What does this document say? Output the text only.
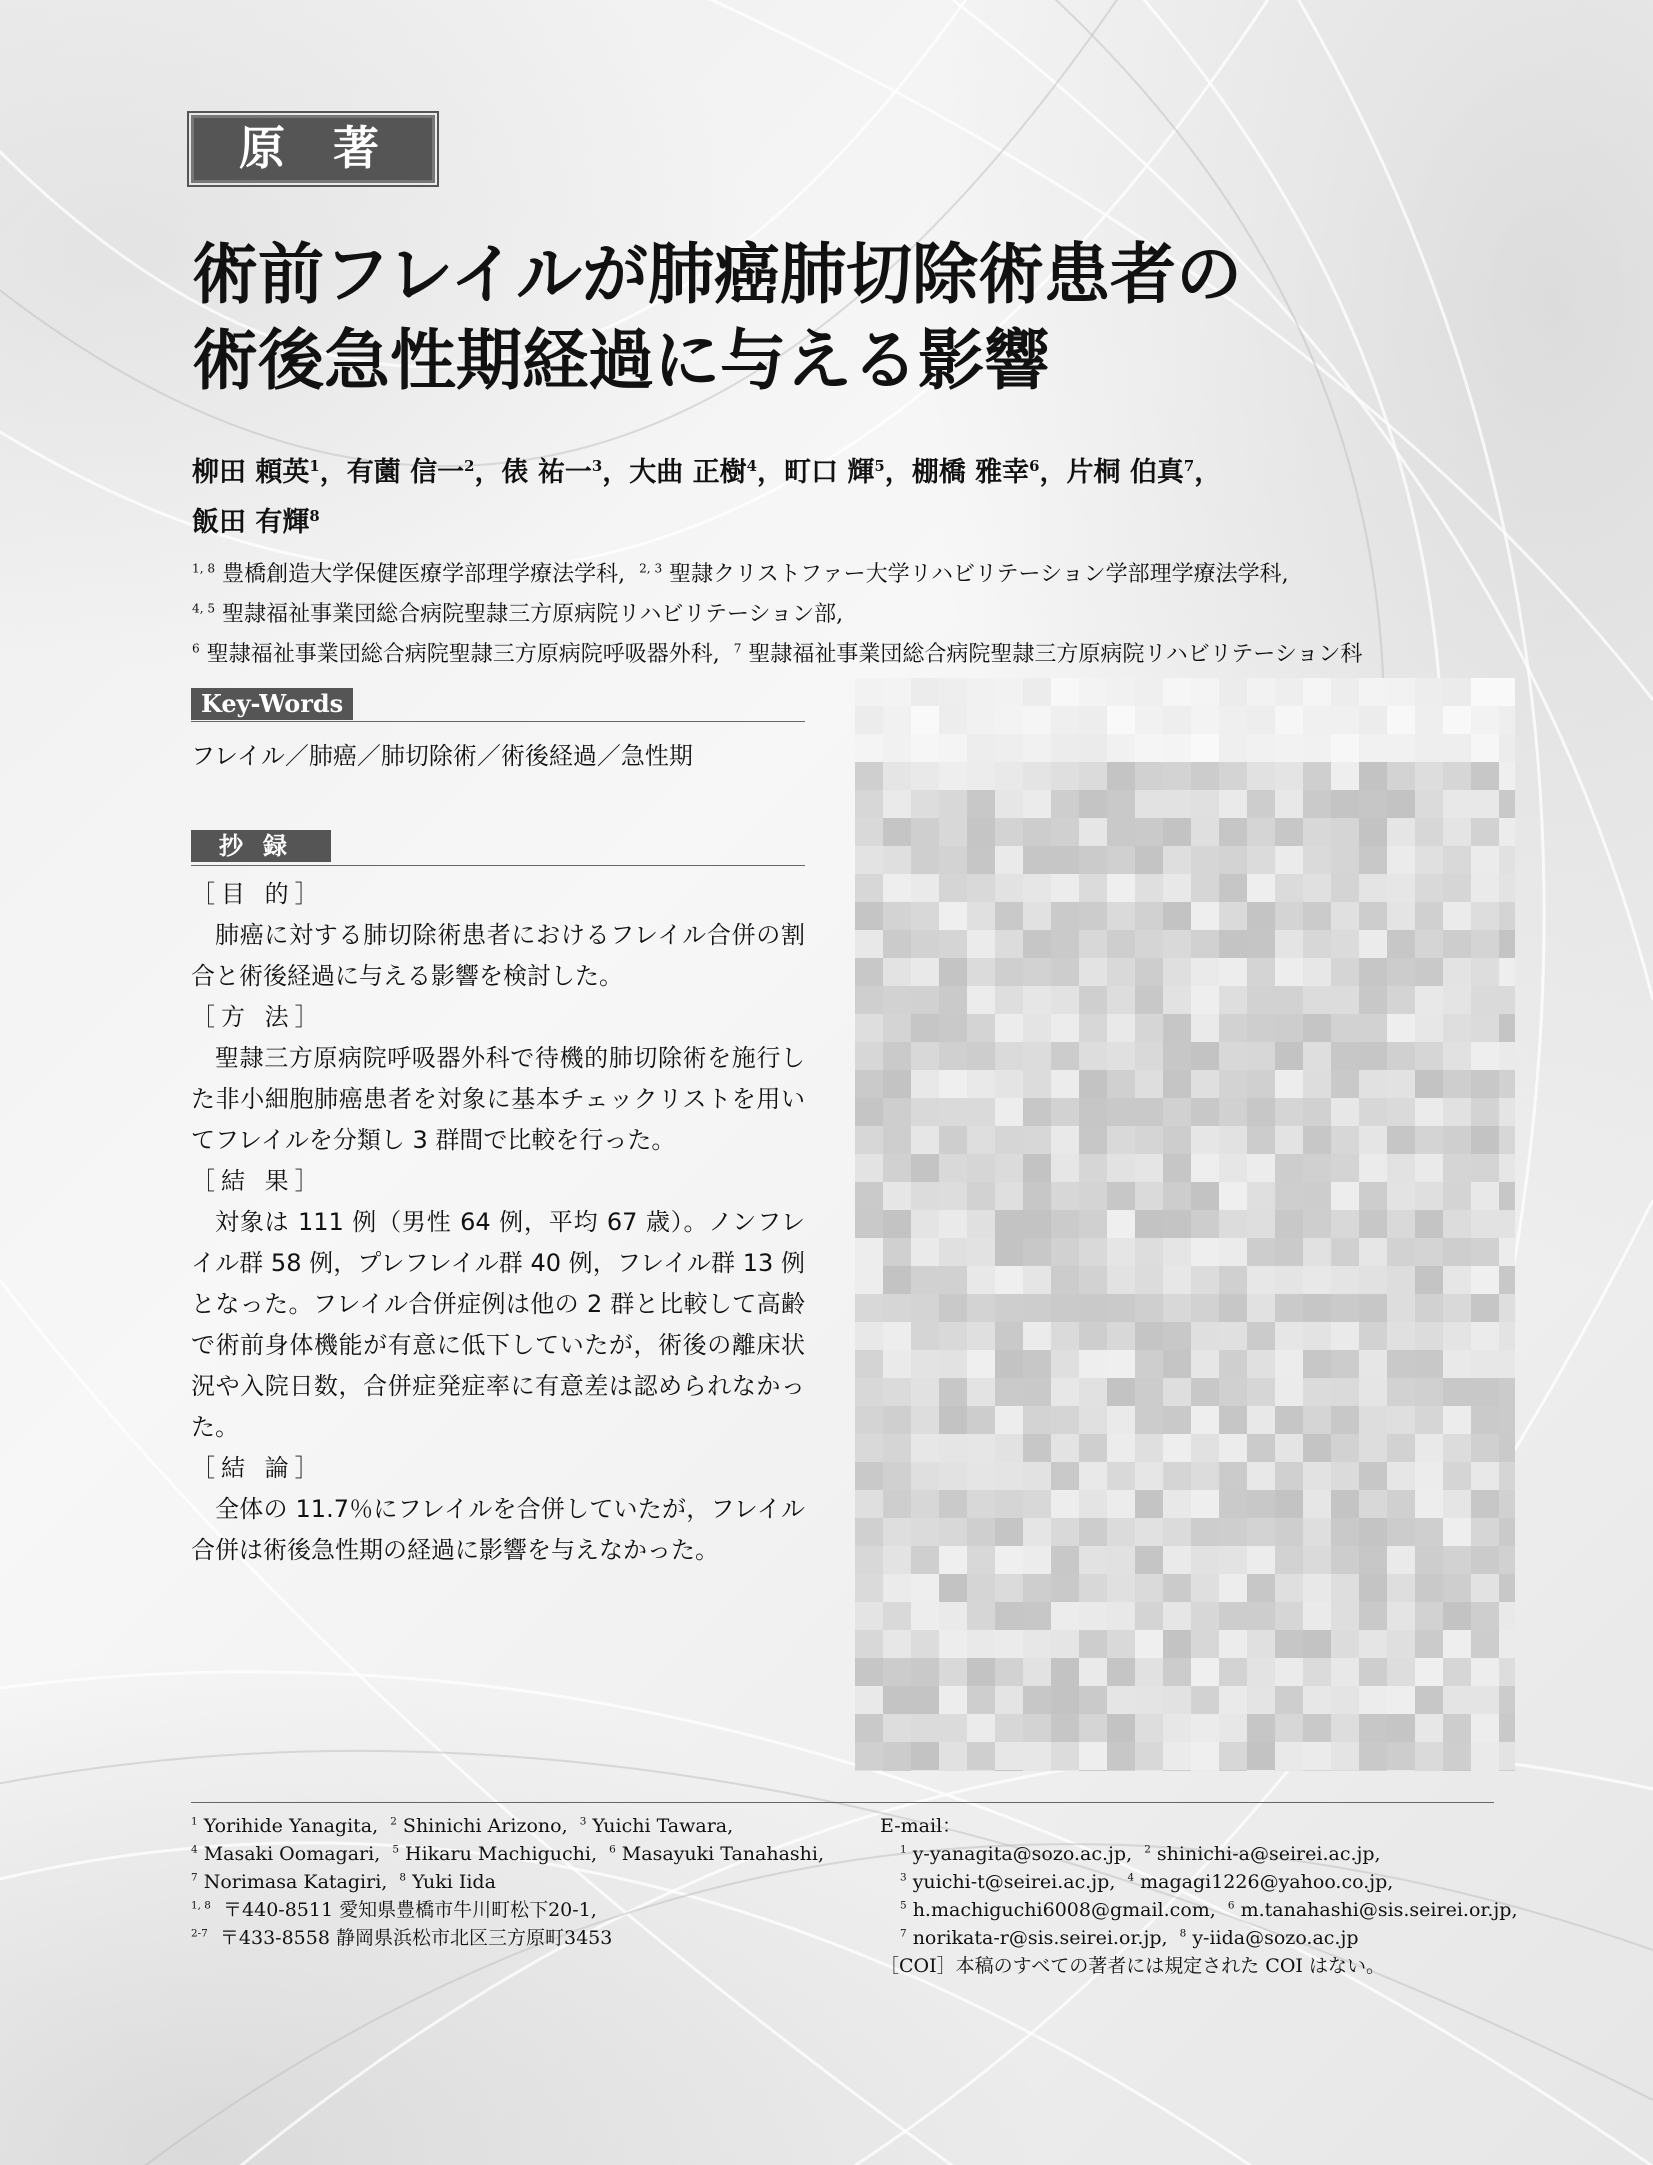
原著
術前フレイルが肺癌肺切除術患者の
術後急性期経過に与える影響
柳田 頼英$^1$，有薗 信一$^2$，俵 祐一$^3$，大曲 正樹$^4$，町口 輝$^5$，棚橋 雅幸$^6$，片桐 伯真$^7$，
飯田 有輝$^8$
$^{1, 8}$ 豊橋創造大学保健医療学部理学療法学科, $^{2, 3}$ 聖隷クリストファー大学リハビリテーション学部理学療法学科,
$^{4, 5}$ 聖隷福祉事業団総合病院聖隷三方原病院リハビリテーション部,
$^6$ 聖隷福祉事業団総合病院聖隷三方原病院呼吸器外科, $^7$ 聖隷福祉事業団総合病院聖隷三方原病院リハビリテーション科
Key-Words
フレイル／肺癌／肺切除術／術後経過／急性期
抄録
［目 的］
肺癌に対する肺切除術患者におけるフレイル合併の割合と術後経過に与える影響を検討した。
［方 法］
聖隷三方原病院呼吸器外科で待機的肺切除術を施行した非小細胞肺癌患者を対象に基本チェックリストを用いてフレイルを分類し 3 群間で比較を行った。
［結 果］
対象は 111 例（男性 64 例，平均 67 歳）。ノンフレイル群 58 例，プレフレイル群 40 例，フレイル群 13 例となった。フレイル合併症例は他の 2 群と比較して高齢で術前身体機能が有意に低下していたが，術後の離床状況や入院日数，合併症発症率に有意差は認められなかった。
［結 論］
全体の 11.7％にフレイルを合併していたが，フレイル合併は術後急性期の経過に影響を与えなかった。
$^1$ Yorihide Yanagita,  $^2$ Shinichi Arizono,  $^3$ Yuichi Tawara,
$^4$ Masaki Oomagari,  $^5$ Hikaru Machiguchi,  $^6$ Masayuki Tanahashi,
$^7$ Norimasa Katagiri,  $^8$ Yuki Iida
$^{1, 8}$ 〒440-8511 愛知県豊橋市牛川町松下20-1,
$^{2-7}$ 〒433-8558 静岡県浜松市北区三方原町3453
E-mail：
$^1$ y-yanagita@sozo.ac.jp,  $^2$ shinichi-a@seirei.ac.jp,
$^3$ yuichi-t@seirei.ac.jp,  $^4$ magagi1226@yahoo.co.jp,
$^5$ h.machiguchi6008@gmail.com,  $^6$ m.tanahashi@sis.seirei.or.jp,
$^7$ norikata-r@sis.seirei.or.jp,  $^8$ y-iida@sozo.ac.jp
［COI］本稿のすべての著者には規定された COI はない。
